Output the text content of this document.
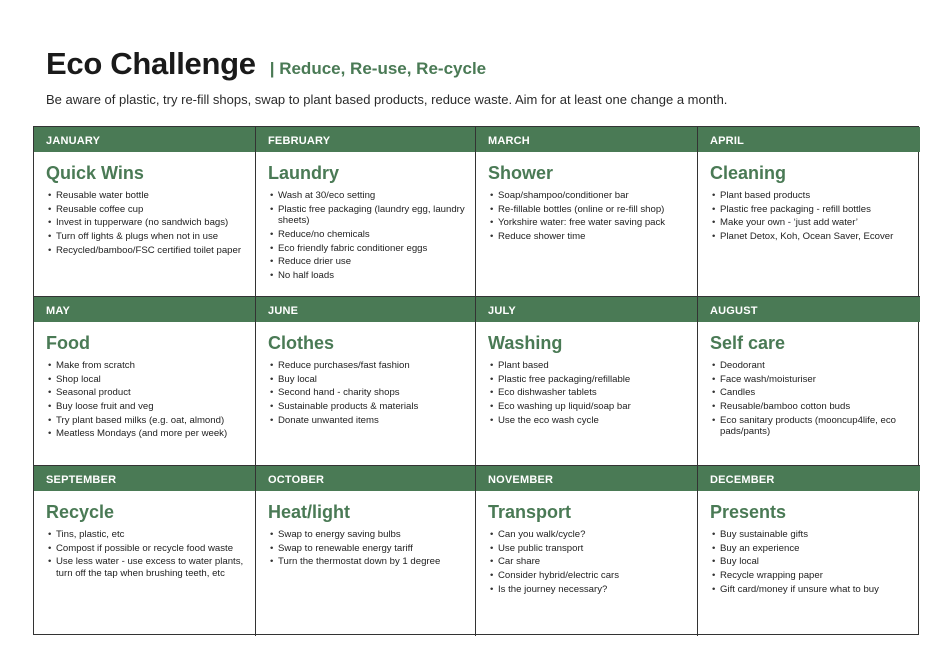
Eco Challenge | Reduce, Re-use, Re-cycle
Be aware of plastic, try re-fill shops, swap to plant based products, reduce waste. Aim for at least one change a month.
JANUARY
Quick Wins
• Reusable water bottle
• Reusable coffee cup
• Invest in tupperware (no sandwich bags)
• Turn off lights & plugs when not in use
• Recycled/bamboo/FSC certified toilet paper
FEBRUARY
Laundry
• Wash at 30/eco setting
• Plastic free packaging (laundry egg, laundry sheets)
• Reduce/no chemicals
• Eco friendly fabric conditioner eggs
• Reduce drier use
• No half loads
MARCH
Shower
• Soap/shampoo/conditioner bar
• Re-fillable bottles (online or re-fill shop)
• Yorkshire water: free water saving pack
• Reduce shower time
APRIL
Cleaning
• Plant based products
• Plastic free packaging - refill bottles
• Make your own - ‘just add water’
• Planet Detox, Koh, Ocean Saver, Ecover
MAY
Food
• Make from scratch
• Shop local
• Seasonal product
• Buy loose fruit and veg
• Try plant based milks (e.g. oat, almond)
• Meatless Mondays (and more per week)
JUNE
Clothes
• Reduce purchases/fast fashion
• Buy local
• Second hand - charity shops
• Sustainable products & materials
• Donate unwanted items
JULY
Washing
• Plant based
• Plastic free packaging/refillable
• Eco dishwasher tablets
• Eco washing up liquid/soap bar
• Use the eco wash cycle
AUGUST
Self care
• Deodorant
• Face wash/moisturiser
• Candles
• Reusable/bamboo cotton buds
• Eco sanitary products (mooncup4life, eco pads/pants)
SEPTEMBER
Recycle
• Tins, plastic, etc
• Compost if possible or recycle food waste
• Use less water - use excess to water plants, turn off the tap when brushing teeth, etc
OCTOBER
Heat/light
• Swap to energy saving bulbs
• Swap to renewable energy tariff
• Turn the thermostat down by 1 degree
NOVEMBER
Transport
• Can you walk/cycle?
• Use public transport
• Car share
• Consider hybrid/electric cars
• Is the journey necessary?
DECEMBER
Presents
• Buy sustainable gifts
• Buy an experience
• Buy local
• Recycle wrapping paper
• Gift card/money if unsure what to buy
